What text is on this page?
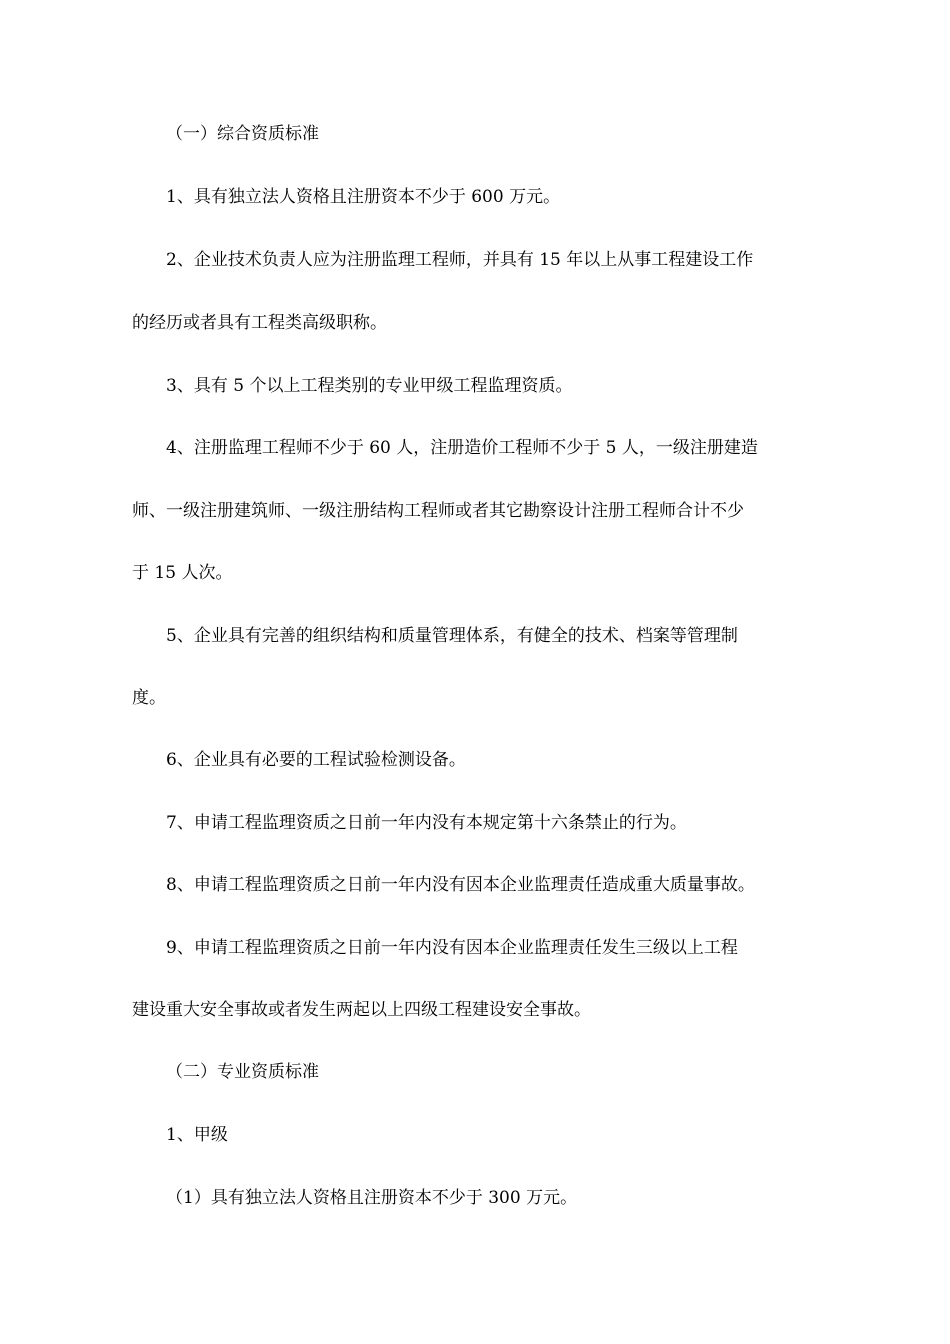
（一）综合资质标准
1、具有独立法人资格且注册资本不少于 600 万元。
2、企业技术负责人应为注册监理工程师，并具有 15 年以上从事工程建设工作
的经历或者具有工程类高级职称。
3、具有 5 个以上工程类别的专业甲级工程监理资质。
4、注册监理工程师不少于 60 人，注册造价工程师不少于 5 人，一级注册建造
师、一级注册建筑师、一级注册结构工程师或者其它勘察设计注册工程师合计不少
于 15 人次。
5、企业具有完善的组织结构和质量管理体系，有健全的技术、档案等管理制
度。
6、企业具有必要的工程试验检测设备。
7、申请工程监理资质之日前一年内没有本规定第十六条禁止的行为。
8、申请工程监理资质之日前一年内没有因本企业监理责任造成重大质量事故。
9、申请工程监理资质之日前一年内没有因本企业监理责任发生三级以上工程
建设重大安全事故或者发生两起以上四级工程建设安全事故。
（二）专业资质标准
1、甲级
（1）具有独立法人资格且注册资本不少于 300 万元。
